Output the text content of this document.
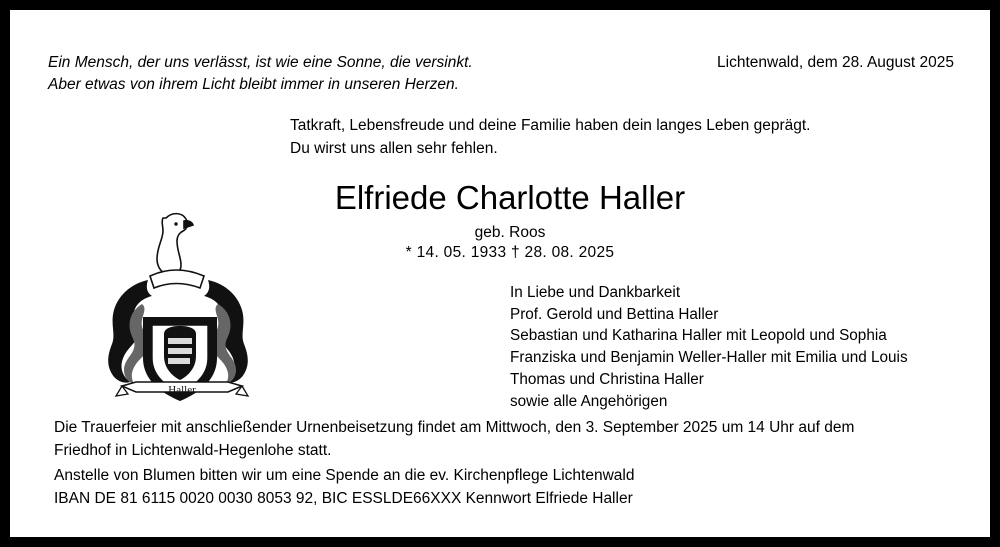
Ein Mensch, der uns verlässt, ist wie eine Sonne, die versinkt.
Aber etwas von ihrem Licht bleibt immer in unseren Herzen.
Lichtenwald, dem 28. August 2025
Tatkraft, Lebensfreude und deine Familie haben dein langes Leben geprägt.
Du wirst uns allen sehr fehlen.
Elfriede Charlotte Haller
geb. Roos
* 14. 05. 1933 † 28. 08. 2025
In Liebe und Dankbarkeit
Prof. Gerold und Bettina Haller
Sebastian und Katharina Haller mit Leopold und Sophia
Franziska und Benjamin Weller-Haller mit Emilia und Louis
Thomas und Christina Haller
sowie alle Angehörigen
Die Trauerfeier mit anschließender Urnenbeisetzung findet am Mittwoch, den 3. September 2025 um 14 Uhr auf dem
Friedhof in Lichtenwald-Hegenlohe statt.
Anstelle von Blumen bitten wir um eine Spende an die ev. Kirchenpflege Lichtenwald
IBAN DE 81 6115 0020 0030 8053 92, BIC ESSLDE66XXX Kennwort Elfriede Haller
Haller
